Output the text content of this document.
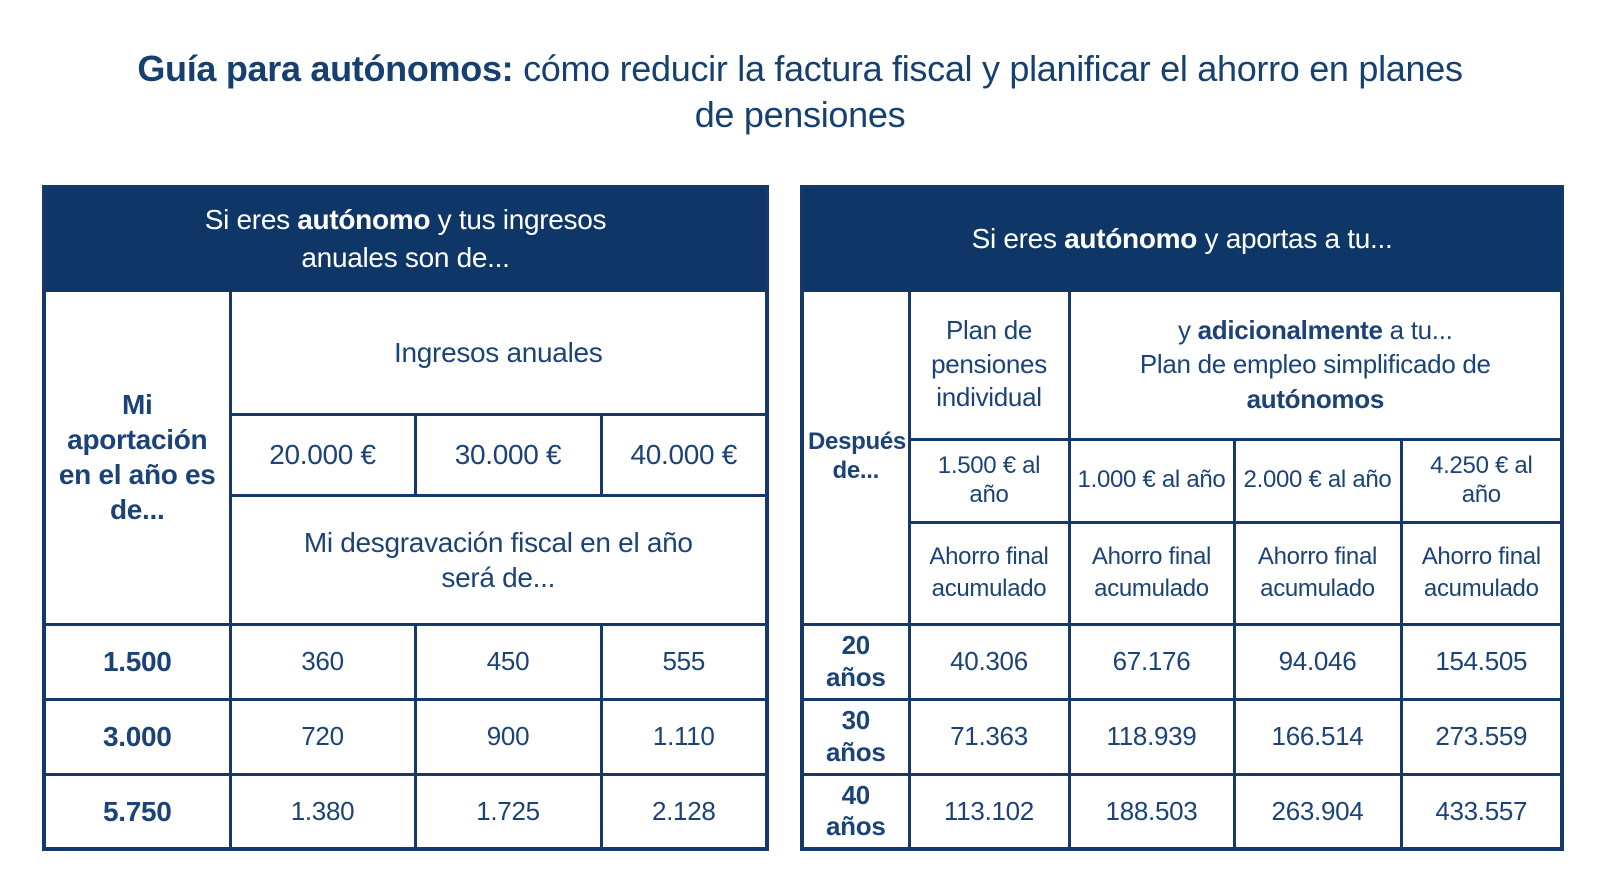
Guía para autónomos: cómo reducir la factura fiscal y planificar el ahorro en planes de pensiones
Si eres autónomo y tus ingresos anuales son de...			

Mi aportación en el año es de...	Ingresos anuales		
	20.000 €	30.000 €	40.000 €

	Mi desgravación fiscal en el año será de...		

1.500	360	450	555
3.000	720	900	1.110
5.750	1.380	1.725	2.128
Si eres autónomo y aportas a tu...				

Después de...	Plan de pensiones individual	y adicionalmente a tu...
Plan de empleo simplificado de
autónomos		

	1.500 € al año	1.000 € al año	2.000 € al año	4.250 € al año
	Ahorro final acumulado	Ahorro final acumulado	Ahorro final acumulado	Ahorro final acumulado
20 años	40.306	67.176	94.046	154.505
30 años	71.363	118.939	166.514	273.559
40 años	113.102	188.503	263.904	433.557
